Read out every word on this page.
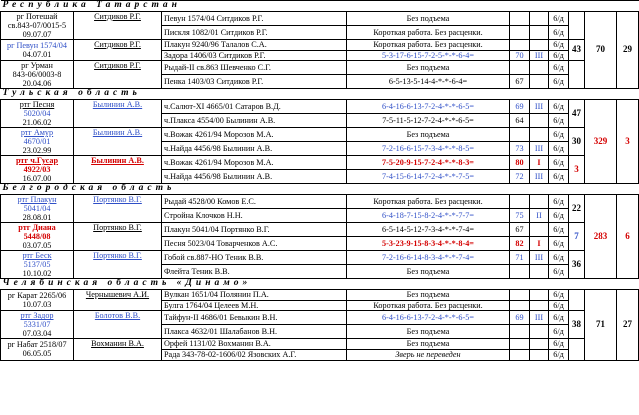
Республика Татарстан									
рг Потешай
св.843-07/0015-5
09.07.07	Ситдиков Р.Г.	Певун 1574/04 Ситдиков Р.Г.	Без подъема			6/д		70	29
		Пискля 1082/01 Ситдиков Р.Г.	Короткая работа. Без расценки.			6/д			
рг Певун 1574/04
04.07.01	Ситдиков Р.Г.	Плакун 9240/96 Талалов С.А.	Короткая работа. Без расценки.			6/д	43		
		Задора 1406/03 Ситдиков Р.Г.	5-3-17-6-15-7-2-5-*-*-6-4=	70	III	6/д			
рг Урман
843-06/0003-8
20.04.06	Ситдиков Р.Г.	Рыдай-II св.863 Шевченко С.Г.	Без подъема			6/д			
		Пенка 1403/03 Ситдиков Р.Г.	6-5-13-5-14-4-*-*-6-4=	67		6/д			
Тульская область									
ртг Песня
5020/04
21.06.02	Былинин А.В.	ч.Салют-XI 4665/01 Сатаров В.Д.	6-4-16-6-13-7-2-4-*-*-6-5=	69	III	6/д	47	329	3
		ч.Плакса 4554/00 Былинин А.В.	7-5-11-5-12-7-2-4-*-*-6-5=	64		6/д			
ртг Амур
4670/01
23.02.99	Былинин А.В.	ч.Вожак 4261/94 Морозов М.А.	Без подъема			6/д	30		
		ч.Найда 4456/98 Былинин А.В.	7-2-16-6-15-7-3-4-*-*-8-5=	73	III	6/д			
ртг ч.Гусар
4922/03
16.07.00	Былинин А.В.	ч.Вожак 4261/94 Морозов М.А.	7-5-20-9-15-7-2-4-*-*-8-3=	80	I	6/д	3		
		ч.Найда 4456/98 Былинин А.В.	7-4-15-6-14-7-2-4-*-*-7-5=	72	III	6/д			
Белгородская область									
ртг Плакун
5041/04
28.08.01	Портянко В.Г.	Рыдай 4528/00 Комов Е.С.	Короткая работа. Без расценки.			6/д	22	283	6
		Стройна Клочков Н.Н.	6-4-18-7-15-8-2-4-*-*-7-7=	75	II	6/д			
ртг Диана
5448/08
03.07.05	Портянко В.Г.	Плакун 5041/04 Портянко В.Г.	6-5-14-5-12-7-3-4-*-*-7-4=	67		6/д	7		
		Песня 5023/04 Товарченков А.С.	5-3-23-9-15-8-3-4-*-*-8-4=	82	I	6/д			
ртг Беск
5137/05
10.10.02	Портянко В.Г.	Гобой св.887-НО Теник В.В.	7-2-16-6-14-8-3-4-*-*-7-4=	71	III	6/д	36		
		Флейта Теник В.В.	Без подъема			6/д			
Челябинская область «Динамо»									
рг Карат 2265/06
10.07.03	Чернышевич А.И.	Вулкан 1651/04 Полянин П.А.	Без подъема			6/д		71	27
		Булга 1764/04 Целеев М.Н.	Короткая работа. Без расценки.			6/д			
ртг Задор
5331/07
07.03.04	Болотов В.В.	Тайфун-II 4686/01 Бевыкин В.Н.	6-4-16-6-13-7-2-4-*-*-6-5=	69	III	6/д	38		
		Плакса 4632/01 Шалабанов В.Н.	Без подъема			6/д			
рг Набат 2518/07
06.05.05	Вохманин В.А.	Орфей 1131/02 Вохманин В.А.	Без подъема			6/д			
		Рада 343-78-02-1606/02 Язовских А.Г.	Зверь не переведен			6/д			
